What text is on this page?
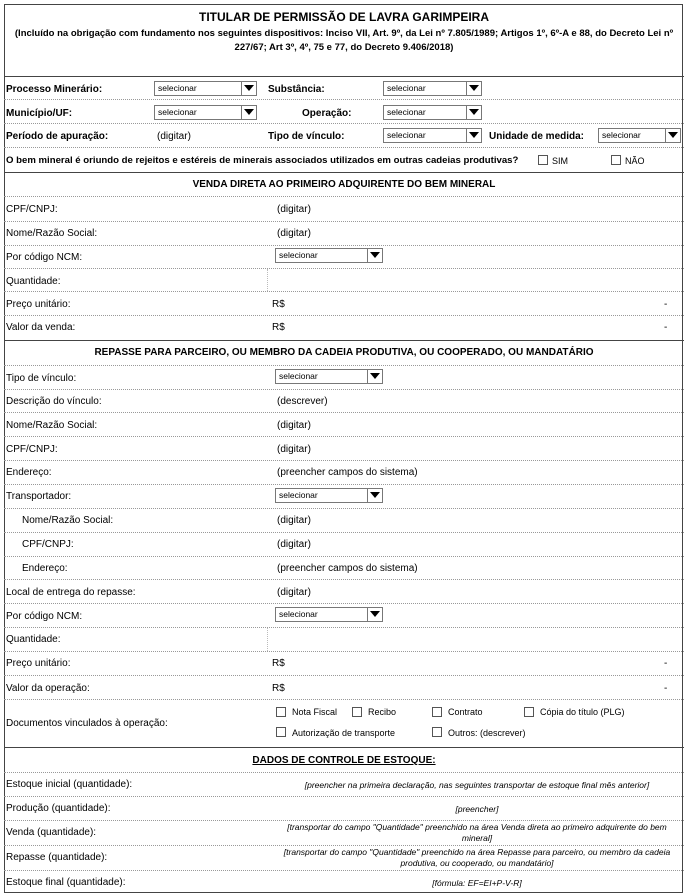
TITULAR DE PERMISSÃO DE LAVRA GARIMPEIRA
(Incluído na obrigação com fundamento nos seguintes dispositivos: Inciso VII, Art. 9º, da Lei nº 7.805/1989; Artigos 1º, 6º-A e 88, do Decreto Lei nº
227/67; Art 3º, 4º, 75 e 77, do Decreto 9.406/2018)
Processo Minerário:	selecionar	Substância:	selecionar
Município/UF:	selecionar	Operação:	selecionar
Período de apuração:	(digitar)	Tipo de vínculo:	selecionar	Unidade de medida:	selecionar
O bem mineral é oriundo de rejeitos e estéreis de minerais associados utilizados em outras cadeias produtivas?	SIM	NÃO
VENDA DIRETA AO PRIMEIRO ADQUIRENTE DO BEM MINERAL
CPF/CNPJ:	(digitar)
Nome/Razão Social:	(digitar)
Por código NCM:	selecionar
Quantidade:
Preço unitário:	R$	-
Valor da venda:	R$	-
REPASSE PARA PARCEIRO, OU MEMBRO DA CADEIA PRODUTIVA, OU COOPERADO, OU MANDATÁRIO
Tipo de vínculo:	selecionar
Descrição do vínculo:	(descrever)
Nome/Razão Social:	(digitar)
CPF/CNPJ:	(digitar)
Endereço:	(preencher campos do sistema)
Transportador:	selecionar
Nome/Razão Social:	(digitar)
CPF/CNPJ:	(digitar)
Endereço:	(preencher campos do sistema)
Local de entrega do repasse:	(digitar)
Por código NCM:	selecionar
Quantidade:
Preço unitário:	R$	-
Valor da operação:	R$	-
Documentos vinculados à operação:
Nota Fiscal	Recibo	Contrato	Cópia do título (PLG)
Autorização de transporte	Outros: (descrever)
DADOS DE CONTROLE DE ESTOQUE:
Estoque inicial (quantidade):	[preencher na primeira declaração, nas seguintes transportar de estoque final mês anterior]
Produção (quantidade):	[preencher]
Venda (quantidade):	[transportar do campo "Quantidade" preenchido na área Venda direta ao primeiro adquirente do bem
mineral]
Repasse (quantidade):	[transportar do campo "Quantidade" preenchido na área Repasse para parceiro, ou membro da cadeia
produtiva, ou cooperado, ou mandatário]
Estoque final (quantidade):	[fórmula: EF=EI+P-V-R]
